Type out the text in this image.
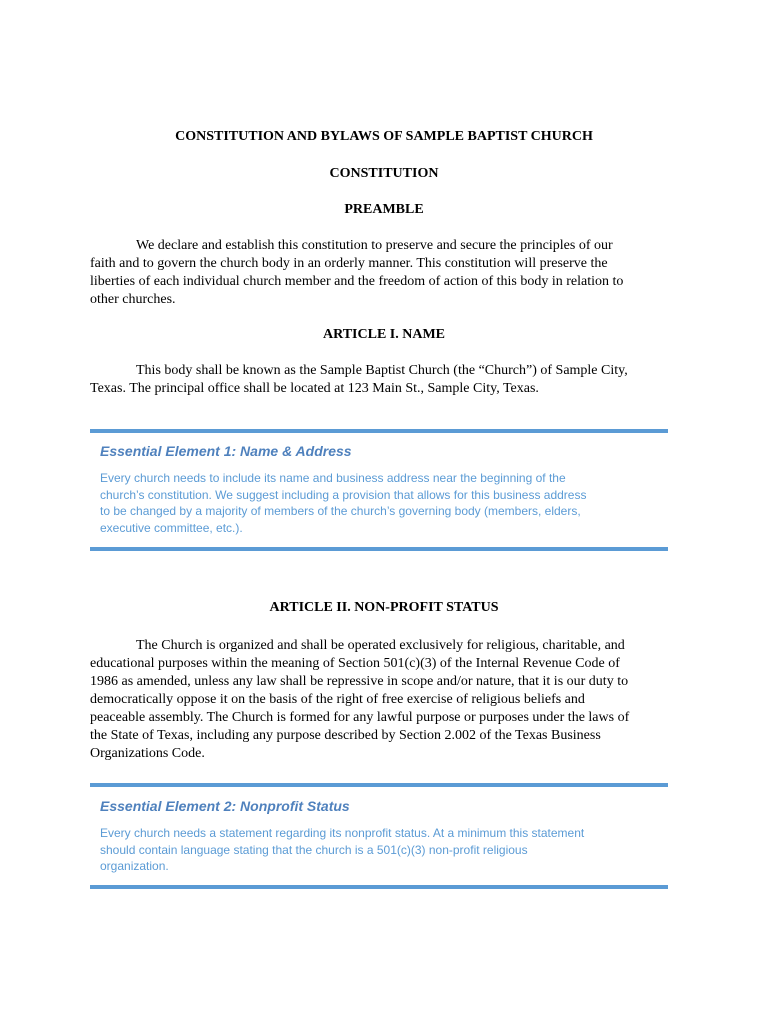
CONSTITUTION AND BYLAWS OF SAMPLE BAPTIST CHURCH
CONSTITUTION
PREAMBLE

We declare and establish this constitution to preserve and secure the principles of our
faith and to govern the church body in an orderly manner. This constitution will preserve the
liberties of each individual church member and the freedom of action of this body in relation to
other churches.

ARTICLE I. NAME

This body shall be known as the Sample Baptist Church (the “Church”) of Sample City,
Texas. The principal office shall be located at 123 Main St., Sample City, Texas.

Essential Element 1: Name & Address

Every church needs to include its name and business address near the beginning of the
church’s constitution. We suggest including a provision that allows for this business address
to be changed by a majority of members of the church’s governing body (members, elders,
executive committee, etc.).

ARTICLE II. NON-PROFIT STATUS

The Church is organized and shall be operated exclusively for religious, charitable, and
educational purposes within the meaning of Section 501(c)(3) of the Internal Revenue Code of
1986 as amended, unless any law shall be repressive in scope and/or nature, that it is our duty to
democratically oppose it on the basis of the right of free exercise of religious beliefs and
peaceable assembly. The Church is formed for any lawful purpose or purposes under the laws of
the State of Texas, including any purpose described by Section 2.002 of the Texas Business
Organizations Code.

Essential Element 2: Nonprofit Status

Every church needs a statement regarding its nonprofit status. At a minimum this statement
should contain language stating that the church is a 501(c)(3) non-profit religious
organization.
